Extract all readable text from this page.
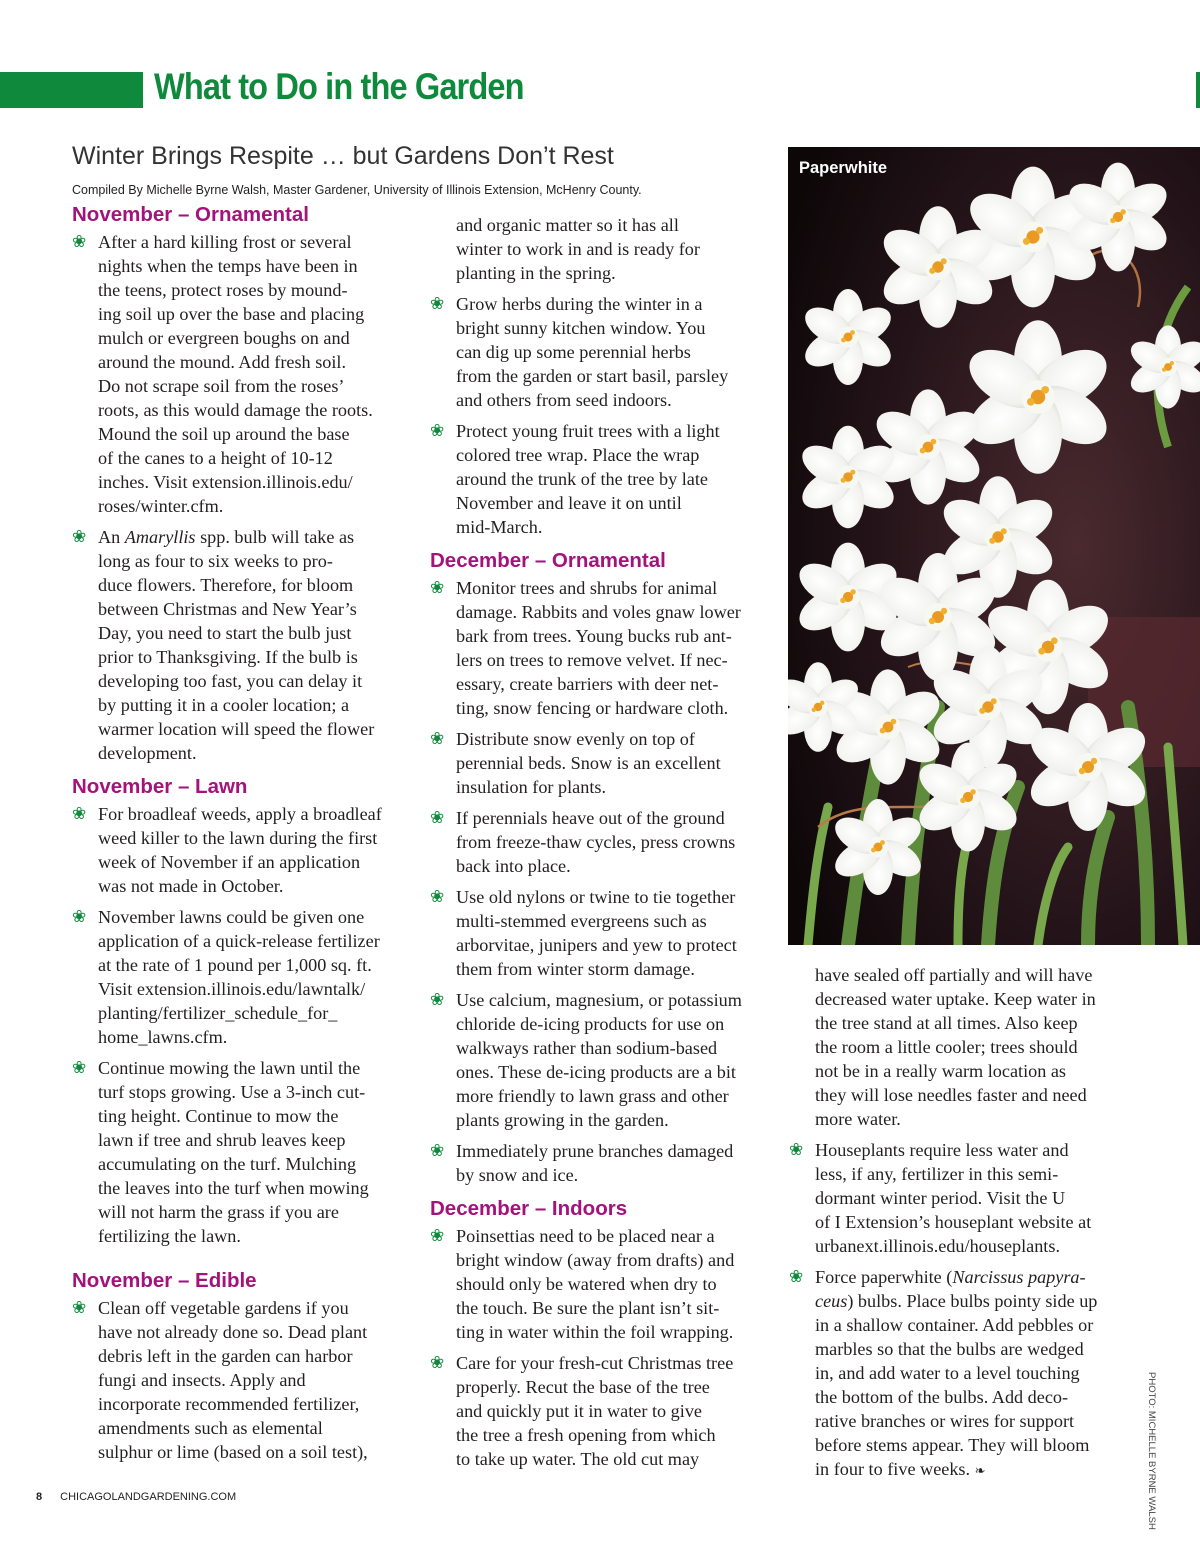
What to Do in the Garden
Winter Brings Respite … but Gardens Don’t Rest
Compiled By Michelle Byrne Walsh, Master Gardener, University of Illinois Extension, McHenry County.
November – Ornamental
❀ After a hard killing frost or several
nights when the temps have been in
the teens, protect roses by mound-
ing soil up over the base and placing
mulch or evergreen boughs on and
around the mound. Add fresh soil.
Do not scrape soil from the roses’
roots, as this would damage the roots.
Mound the soil up around the base
of the canes to a height of 10-12
inches. Visit extension.illinois.edu/
roses/winter.cfm.
❀ An Amaryllis spp. bulb will take as
long as four to six weeks to pro-
duce flowers. Therefore, for bloom
between Christmas and New Year’s
Day, you need to start the bulb just
prior to Thanksgiving. If the bulb is
developing too fast, you can delay it
by putting it in a cooler location; a
warmer location will speed the flower
development.
November – Lawn
❀ For broadleaf weeds, apply a broadleaf
weed killer to the lawn during the first
week of November if an application
was not made in October.
❀ November lawns could be given one
application of a quick-release fertilizer
at the rate of 1 pound per 1,000 sq. ft.
Visit extension.illinois.edu/lawntalk/
planting/fertilizer_schedule_for_
home_lawns.cfm.
❀ Continue mowing the lawn until the
turf stops growing. Use a 3-inch cut-
ting height. Continue to mow the
lawn if tree and shrub leaves keep
accumulating on the turf. Mulching
the leaves into the turf when mowing
will not harm the grass if you are
fertilizing the lawn.
November – Edible
❀ Clean off vegetable gardens if you
have not already done so. Dead plant
debris left in the garden can harbor
fungi and insects. Apply and
incorporate recommended fertilizer,
amendments such as elemental
sulphur or lime (based on a soil test),
and organic matter so it has all
winter to work in and is ready for
planting in the spring.
❀ Grow herbs during the winter in a
bright sunny kitchen window. You
can dig up some perennial herbs
from the garden or start basil, parsley
and others from seed indoors.
❀ Protect young fruit trees with a light
colored tree wrap. Place the wrap
around the trunk of the tree by late
November and leave it on until
mid-March.
December – Ornamental
❀ Monitor trees and shrubs for animal
damage. Rabbits and voles gnaw lower
bark from trees. Young bucks rub ant-
lers on trees to remove velvet. If nec-
essary, create barriers with deer net-
ting, snow fencing or hardware cloth.
❀ Distribute snow evenly on top of
perennial beds. Snow is an excellent
insulation for plants.
❀ If perennials heave out of the ground
from freeze-thaw cycles, press crowns
back into place.
❀ Use old nylons or twine to tie together
multi-stemmed evergreens such as
arborvitae, junipers and yew to protect
them from winter storm damage.
❀ Use calcium, magnesium, or potassium
chloride de-icing products for use on
walkways rather than sodium-based
ones. These de-icing products are a bit
more friendly to lawn grass and other
plants growing in the garden.
❀ Immediately prune branches damaged
by snow and ice.
December – Indoors
❀ Poinsettias need to be placed near a
bright window (away from drafts) and
should only be watered when dry to
the touch. Be sure the plant isn’t sit-
ting in water within the foil wrapping.
❀ Care for your fresh-cut Christmas tree
properly. Recut the base of the tree
and quickly put it in water to give
the tree a fresh opening from which
to take up water. The old cut may
Paperwhite
have sealed off partially and will have
decreased water uptake. Keep water in
the tree stand at all times. Also keep
the room a little cooler; trees should
not be in a really warm location as
they will lose needles faster and need
more water.
❀ Houseplants require less water and
less, if any, fertilizer in this semi-
dormant winter period. Visit the U
of I Extension’s houseplant website at
urbanext.illinois.edu/houseplants.
❀ Force paperwhite (Narcissus papyra-
ceus) bulbs. Place bulbs pointy side up
in a shallow container. Add pebbles or
marbles so that the bulbs are wedged
in, and add water to a level touching
the bottom of the bulbs. Add deco-
rative branches or wires for support
before stems appear. They will bloom
in four to five weeks. ❧	PHOTO: MICHELLE BYRNE WALSH
8 CHICAGOLANDGARDENING.COM
